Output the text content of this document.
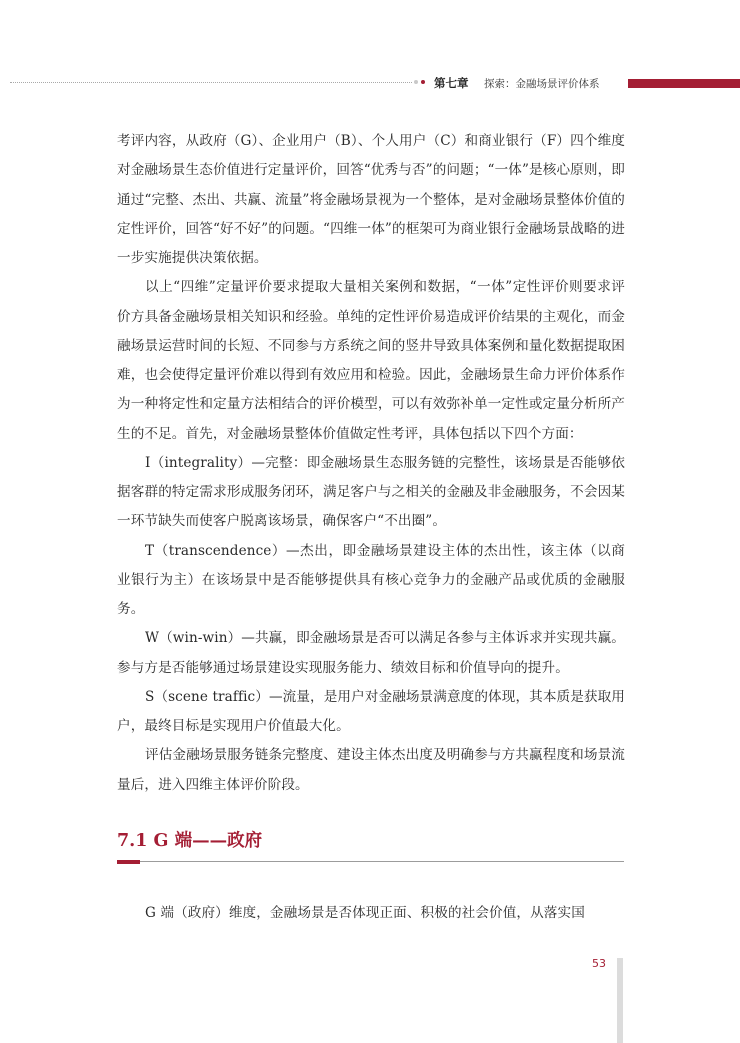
第七章 探索：金融场景评价体系

考评内容，从政府（G）、企业用户（B）、个人用户（C）和商业银行（F）四个维度对金融场景生态价值进行定量评价，回答“优秀与否”的问题；“一体”是核心原则，即通过“完整、杰出、共赢、流量”将金融场景视为一个整体，是对金融场景整体价值的定性评价，回答“好不好”的问题。“四维一体”的框架可为商业银行金融场景战略的进一步实施提供决策依据。

以上“四维”定量评价要求提取大量相关案例和数据，“一体”定性评价则要求评价方具备金融场景相关知识和经验。单纯的定性评价易造成评价结果的主观化，而金融场景运营时间的长短、不同参与方系统之间的竖井导致具体案例和量化数据提取困难，也会使得定量评价难以得到有效应用和检验。因此，金融场景生命力评价体系作为一种将定性和定量方法相结合的评价模型，可以有效弥补单一定性或定量分析所产生的不足。首先，对金融场景整体价值做定性考评，具体包括以下四个方面：

I（integrality）—完整：即金融场景生态服务链的完整性，该场景是否能够依据客群的特定需求形成服务闭环，满足客户与之相关的金融及非金融服务，不会因某一环节缺失而使客户脱离该场景，确保客户“不出圈”。

T（transcendence）—杰出，即金融场景建设主体的杰出性，该主体（以商业银行为主）在该场景中是否能够提供具有核心竞争力的金融产品或优质的金融服务。

W（win-win）—共赢，即金融场景是否可以满足各参与主体诉求并实现共赢。参与方是否能够通过场景建设实现服务能力、绩效目标和价值导向的提升。

S（scene traffic）—流量，是用户对金融场景满意度的体现，其本质是获取用户，最终目标是实现用户价值最大化。

评估金融场景服务链条完整度、建设主体杰出度及明确参与方共赢程度和场景流量后，进入四维主体评价阶段。

7.1 G 端——政府

G 端（政府）维度，金融场景是否体现正面、积极的社会价值，从落实国

53
